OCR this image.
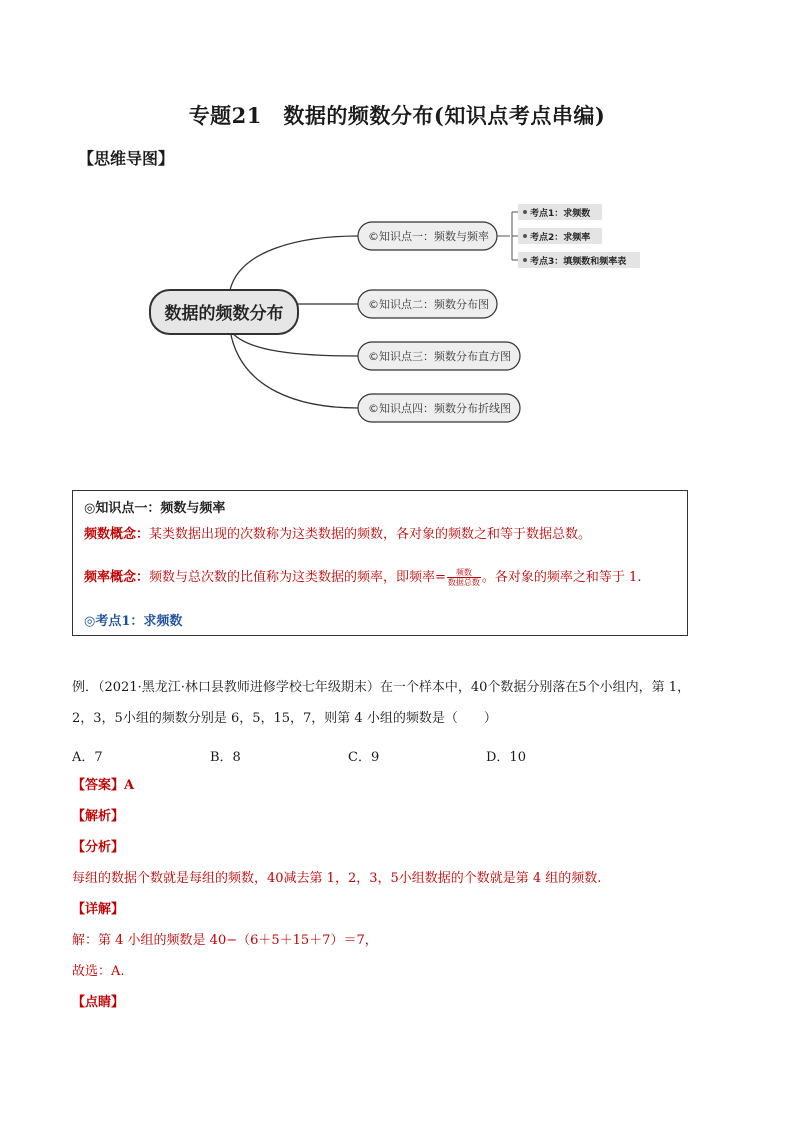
专题21　数据的频数分布(知识点考点串编)
【思维导图】
数据的频数分布
©知识点一：频数与频率
©知识点二：频数分布图
©知识点三：频数分布直方图
©知识点四：频数分布折线图
考点1：求频数
考点2：求频率
考点3：填频数和频率表
◎知识点一：频数与频率
频数概念：某类数据出现的次数称为这类数据的频数，各对象的频数之和等于数据总数。
频率概念：频数与总次数的比值称为这类数据的频率，即频率= $\frac{\text{频数}}{\text{数据总数}}$ 。各对象的频率之和等于 1.
◎考点1：求频数
例．（2021·黑龙江·林口县教师进修学校七年级期末）在一个样本中，40个数据分别落在5个小组内，第 1，
2，3，5小组的频数分别是 6，5，15，7，则第 4 小组的频数是（　　）
A．7	B．8	C．9	D．10
【答案】A
【解析】
【分析】
每组的数据个数就是每组的频数，40减去第 1，2，3，5小组数据的个数就是第 4 组的频数.
【详解】
解：第 4 小组的频数是 40−（6＋5＋15＋7）＝7，
故选：A.
【点睛】
